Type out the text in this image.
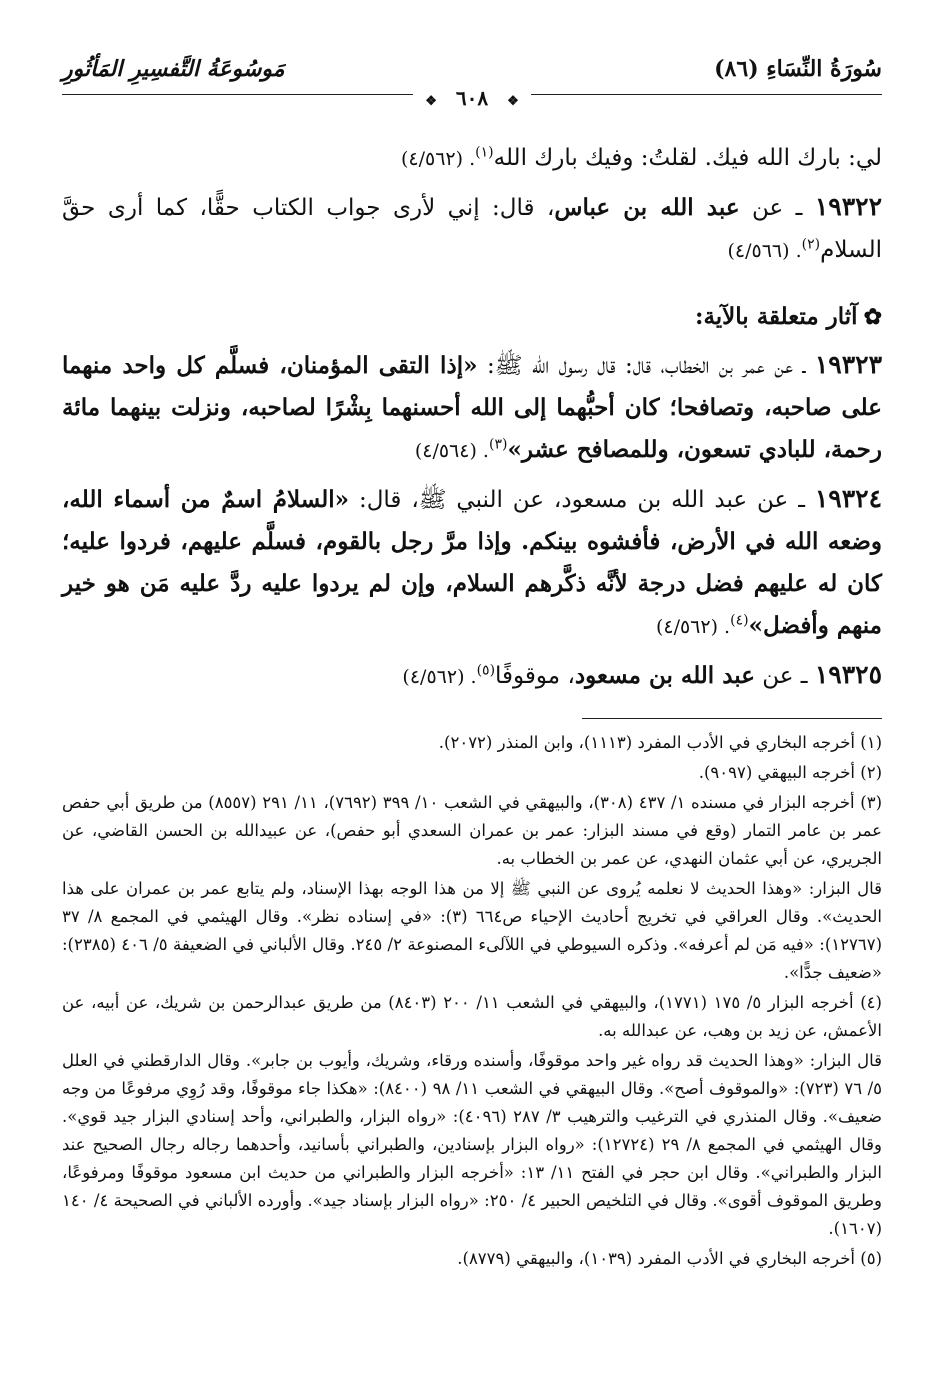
سُورَةُ النِّسَاءِ (٨٦)
مَوسُوعَةُ التَّفسِيرِ المَأثُورِ
❖ ٦٠٨ ❖

لي: بارك الله فيك. لقلتُ: وفيك بارك الله$^{(١)}$. (٤/٥٦٢)

١٩٣٢٢ ـ عن عبد الله بن عباس، قال: إني لأرى جواب الكتاب حقًّا، كما أرى حقَّ السلام$^{(٢)}$. (٤/٥٦٦)

✿آثار متعلقة بالآية:

١٩٣٢٣ ـ عن عمر بن الخطاب، قال: قال رسول الله ﷺ: «إذا التقى المؤمنان، فسلَّم كل واحد منهما على صاحبه، وتصافحا؛ كان أحبُّهما إلى الله أحسنهما بِشْرًا لصاحبه، ونزلت بينهما مائة رحمة، للبادي تسعون، وللمصافح عشر»$^{(٣)}$. (٤/٥٦٤)

١٩٣٢٤ ـ عن عبد الله بن مسعود، عن النبي ﷺ، قال: «السلامُ اسمٌ من أسماء الله، وضعه الله في الأرض، فأفشوه بينكم. وإذا مرَّ رجل بالقوم، فسلَّم عليهم، فردوا عليه؛ كان له عليهم فضل درجة لأنَّه ذكَّرهم السلام، وإن لم يردوا عليه ردَّ عليه مَن هو خير منهم وأفضل»$^{(٤)}$. (٤/٥٦٢)

١٩٣٢٥ ـ عن عبد الله بن مسعود، موقوفًا$^{(٥)}$. (٤/٥٦٢)

(١) أخرجه البخاري في الأدب المفرد (١١١٣)، وابن المنذر (٢٠٧٢).

(٢) أخرجه البيهقي (٩٠٩٧).

(٣) أخرجه البزار في مسنده ١/ ٤٣٧ (٣٠٨)، والبيهقي في الشعب ١٠/ ٣٩٩ (٧٦٩٢)، ١١/ ٢٩١ (٨٥٥٧) من طريق أبي حفص عمر بن عامر التمار (وقع في مسند البزار: عمر بن عمران السعدي أبو حفص)، عن عبيدالله بن الحسن القاضي، عن الجريري، عن أبي عثمان النهدي، عن عمر بن الخطاب به.

قال البزار: «وهذا الحديث لا نعلمه يُروى عن النبي ﷺ إلا من هذا الوجه بهذا الإسناد، ولم يتابع عمر بن عمران على هذا الحديث». وقال العراقي في تخريج أحاديث الإحياء ص٦٦٤ (٣): «في إسناده نظر». وقال الهيثمي في المجمع ٨/ ٣٧ (١٢٧٦٧): «فيه مَن لم أعرفه». وذكره السيوطي في اللآلىء المصنوعة ٢/ ٢٤٥. وقال الألباني في الضعيفة ٥/ ٤٠٦ (٢٣٨٥): «ضعيف جدًّا».

(٤) أخرجه البزار ٥/ ١٧٥ (١٧٧١)، والبيهقي في الشعب ١١/ ٢٠٠ (٨٤٠٣) من طريق عبدالرحمن بن شريك، عن أبيه، عن الأعمش، عن زيد بن وهب، عن عبدالله به.

قال البزار: «وهذا الحديث قد رواه غير واحد موقوفًا، وأسنده ورقاء، وشريك، وأيوب بن جابر». وقال الدارقطني في العلل ٥/ ٧٦ (٧٢٣): «والموقوف أصح». وقال البيهقي في الشعب ١١/ ٩٨ (٨٤٠٠): «هكذا جاء موقوفًا، وقد رُوِي مرفوعًا من وجه ضعيف». وقال المنذري في الترغيب والترهيب ٣/ ٢٨٧ (٤٠٩٦): «رواه البزار، والطبراني، وأحد إسنادي البزار جيد قوي». وقال الهيثمي في المجمع ٨/ ٢٩ (١٢٧٢٤): «رواه البزار بإسنادين، والطبراني بأسانيد، وأحدهما رجاله رجال الصحيح عند البزار والطبراني». وقال ابن حجر في الفتح ١١/ ١٣: «أخرجه البزار والطبراني من حديث ابن مسعود موقوفًا ومرفوعًا، وطريق الموقوف أقوى». وقال في التلخيص الحبير ٤/ ٢٥٠: «رواه البزار بإسناد جيد». وأورده الألباني في الصحيحة ٤/ ١٤٠ (١٦٠٧).

(٥) أخرجه البخاري في الأدب المفرد (١٠٣٩)، والبيهقي (٨٧٧٩).
